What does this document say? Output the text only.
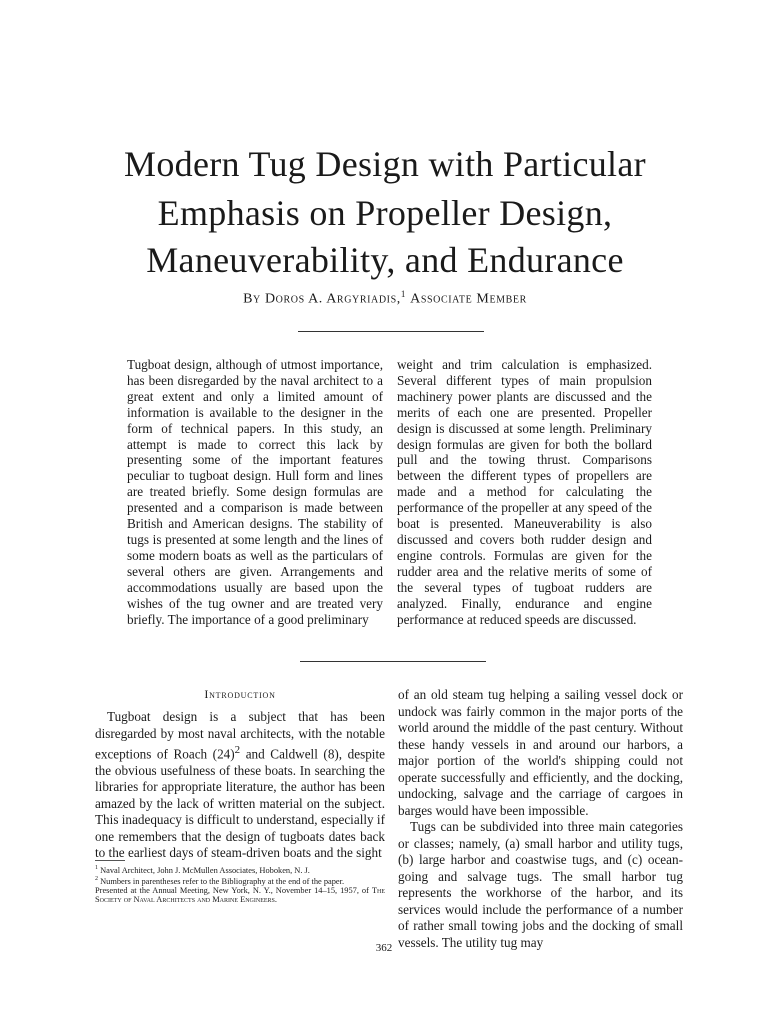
Modern Tug Design with Particular
Emphasis on Propeller Design,
Maneuverability, and Endurance
By Doros A. Argyriadis,$^1$ Associate Member

Tugboat design, although of utmost importance, has been disregarded by the naval architect to a great extent and only a limited amount of information is available to the designer in the form of technical papers. In this study, an attempt is made to correct this lack by presenting some of the important features peculiar to tugboat design. Hull form and lines are treated briefly. Some design formulas are presented and a comparison is made between British and American designs. The stability of tugs is presented at some length and the lines of some modern boats as well as the particulars of several others are given. Arrangements and accommodations usually are based upon the wishes of the tug owner and are treated very briefly. The importance of a good preliminary

weight and trim calculation is emphasized. Several different types of main propulsion machinery power plants are discussed and the merits of each one are presented. Propeller design is discussed at some length. Preliminary design formulas are given for both the bollard pull and the towing thrust. Comparisons between the different types of propellers are made and a method for calculating the performance of the propeller at any speed of the boat is presented. Maneuverability is also discussed and covers both rudder design and engine controls. Formulas are given for the rudder area and the relative merits of some of the several types of tugboat rudders are analyzed. Finally, endurance and engine performance at reduced speeds are discussed.

Introduction

Tugboat design is a subject that has been disregarded by most naval architects, with the notable exceptions of Roach $(24)^2$ and Caldwell (8), despite the obvious usefulness of these boats. In searching the libraries for appropriate literature, the author has been amazed by the lack of written material on the subject. This inadequacy is difficult to understand, especially if one remembers that the design of tugboats dates back to the earliest days of steam-driven boats and the sight

of an old steam tug helping a sailing vessel dock or undock was fairly common in the major ports of the world around the middle of the past century. Without these handy vessels in and around our harbors, a major portion of the world's shipping could not operate successfully and efficiently, and the docking, undocking, salvage and the carriage of cargoes in barges would have been impossible.

Tugs can be subdivided into three main categories or classes; namely, (a) small harbor and utility tugs, (b) large harbor and coastwise tugs, and (c) ocean-going and salvage tugs. The small harbor tug represents the workhorse of the harbor, and its services would include the performance of a number of rather small towing jobs and the docking of small vessels. The utility tug may

$^1$ Naval Architect, John J. McMullen Associates, Hoboken, N. J.
$^2$ Numbers in parentheses refer to the Bibliography at the end of the paper.
Presented at the Annual Meeting, New York, N. Y., November 14–15, 1957, of The Society of Naval Architects and Marine Engineers.
362
